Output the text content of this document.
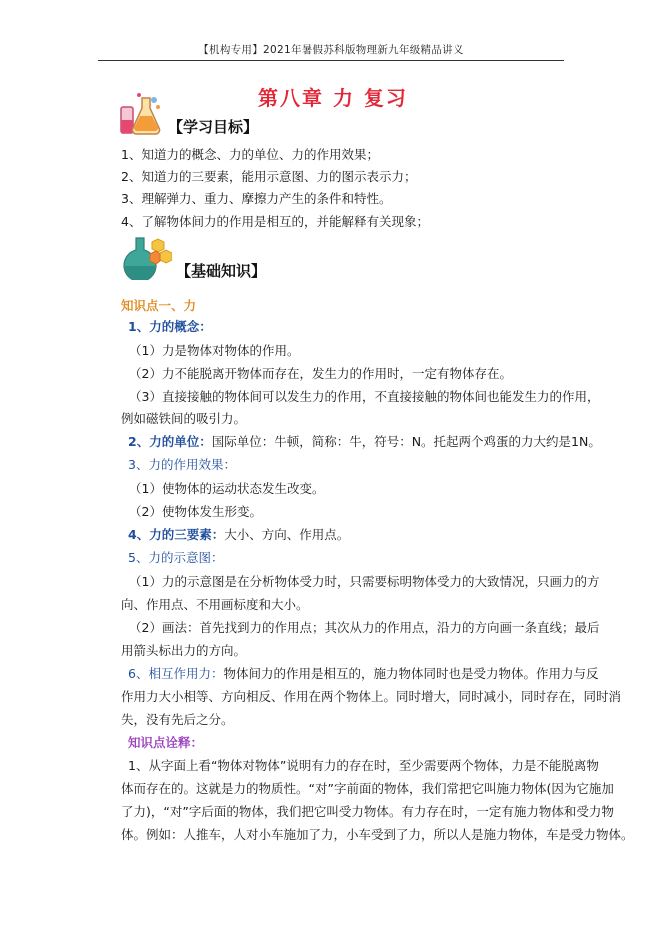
【机构专用】2021年暑假苏科版物理新九年级精品讲义
第八章 力 复习
【学习目标】
1、知道力的概念、力的单位、力的作用效果；
2、知道力的三要素，能用示意图、力的图示表示力；
3、理解弹力、重力、摩擦力产生的条件和特性。
4、了解物体间力的作用是相互的，并能解释有关现象；
【基础知识】
知识点一、力
1、力的概念：
（1）力是物体对物体的作用。
（2）力不能脱离开物体而存在，发生力的作用时，一定有物体存在。
（3）直接接触的物体间可以发生力的作用，不直接接触的物体间也能发生力的作用，
例如磁铁间的吸引力。
2、力的单位：国际单位：牛顿，简称：牛，符号：N。托起两个鸡蛋的力大约是1N。
3、力的作用效果：
（1）使物体的运动状态发生改变。
（2）使物体发生形变。
4、力的三要素：大小、方向、作用点。
5、力的示意图：
（1）力的示意图是在分析物体受力时，只需要标明物体受力的大致情况，只画力的方
向、作用点、不用画标度和大小。
（2）画法：首先找到力的作用点；其次从力的作用点，沿力的方向画一条直线；最后
用箭头标出力的方向。
6、相互作用力：物体间力的作用是相互的，施力物体同时也是受力物体。作用力与反
作用力大小相等、方向相反、作用在两个物体上。同时增大，同时减小，同时存在，同时消
失，没有先后之分。
知识点诠释：
1、从字面上看“物体对物体”说明有力的存在时，至少需要两个物体，力是不能脱离物
体而存在的。这就是力的物质性。“对”字前面的物体，我们常把它叫施力物体(因为它施加
了力)，“对”字后面的物体，我们把它叫受力物体。有力存在时，一定有施力物体和受力物
体。例如：人推车，人对小车施加了力，小车受到了力，所以人是施力物体，车是受力物体。
